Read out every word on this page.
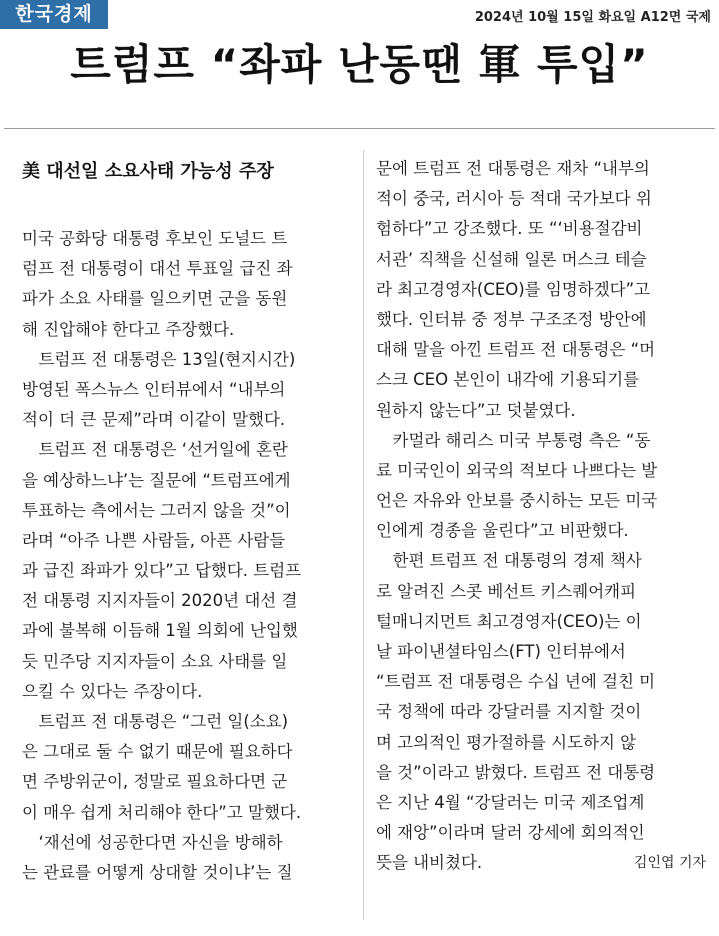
한국경제	2024년 10월 15일 화요일 A12면 국제
트럼프 “좌파 난동땐 軍 투입”
美 대선일 소요사태 가능성 주장
미국 공화당 대통령 후보인 도널드 트
럼프 전 대통령이 대선 투표일 급진 좌
파가 소요 사태를 일으키면 군을 동원
해 진압해야 한다고 주장했다.
　트럼프 전 대통령은 13일(현지시간)
방영된 폭스뉴스 인터뷰에서 “내부의
적이 더 큰 문제”라며 이같이 말했다.
　트럼프 전 대통령은 ‘선거일에 혼란
을 예상하느냐’는 질문에 “트럼프에게
투표하는 측에서는 그러지 않을 것”이
라며 “아주 나쁜 사람들, 아픈 사람들
과 급진 좌파가 있다”고 답했다. 트럼프
전 대통령 지지자들이 2020년 대선 결
과에 불복해 이듬해 1월 의회에 난입했
듯 민주당 지지자들이 소요 사태를 일
으킬 수 있다는 주장이다.
　트럼프 전 대통령은 “그런 일(소요)
은 그대로 둘 수 없기 때문에 필요하다
면 주방위군이, 정말로 필요하다면 군
이 매우 쉽게 처리해야 한다”고 말했다.
　‘재선에 성공한다면 자신을 방해하
는 관료를 어떻게 상대할 것이냐’는 질
문에 트럼프 전 대통령은 재차 “내부의
적이 중국, 러시아 등 적대 국가보다 위
험하다”고 강조했다. 또 “‘비용절감비
서관’ 직책을 신설해 일론 머스크 테슬
라 최고경영자(CEO)를 임명하겠다”고
했다. 인터뷰 중 정부 구조조정 방안에
대해 말을 아낀 트럼프 전 대통령은 “머
스크 CEO 본인이 내각에 기용되기를
원하지 않는다”고 덧붙였다.
　카멀라 해리스 미국 부통령 측은 “동
료 미국인이 외국의 적보다 나쁘다는 발
언은 자유와 안보를 중시하는 모든 미국
인에게 경종을 울린다”고 비판했다.
　한편 트럼프 전 대통령의 경제 책사
로 알려진 스콧 베선트 키스퀘어캐피
털매니지먼트 최고경영자(CEO)는 이
날 파이낸셜타임스(FT) 인터뷰에서
“트럼프 전 대통령은 수십 년에 걸친 미
국 정책에 따라 강달러를 지지할 것이
며 고의적인 평가절하를 시도하지 않
을 것”이라고 밝혔다. 트럼프 전 대통령
은 지난 4월 “강달러는 미국 제조업계
에 재앙”이라며 달러 강세에 회의적인
뜻을 내비쳤다.	김인엽 기자
